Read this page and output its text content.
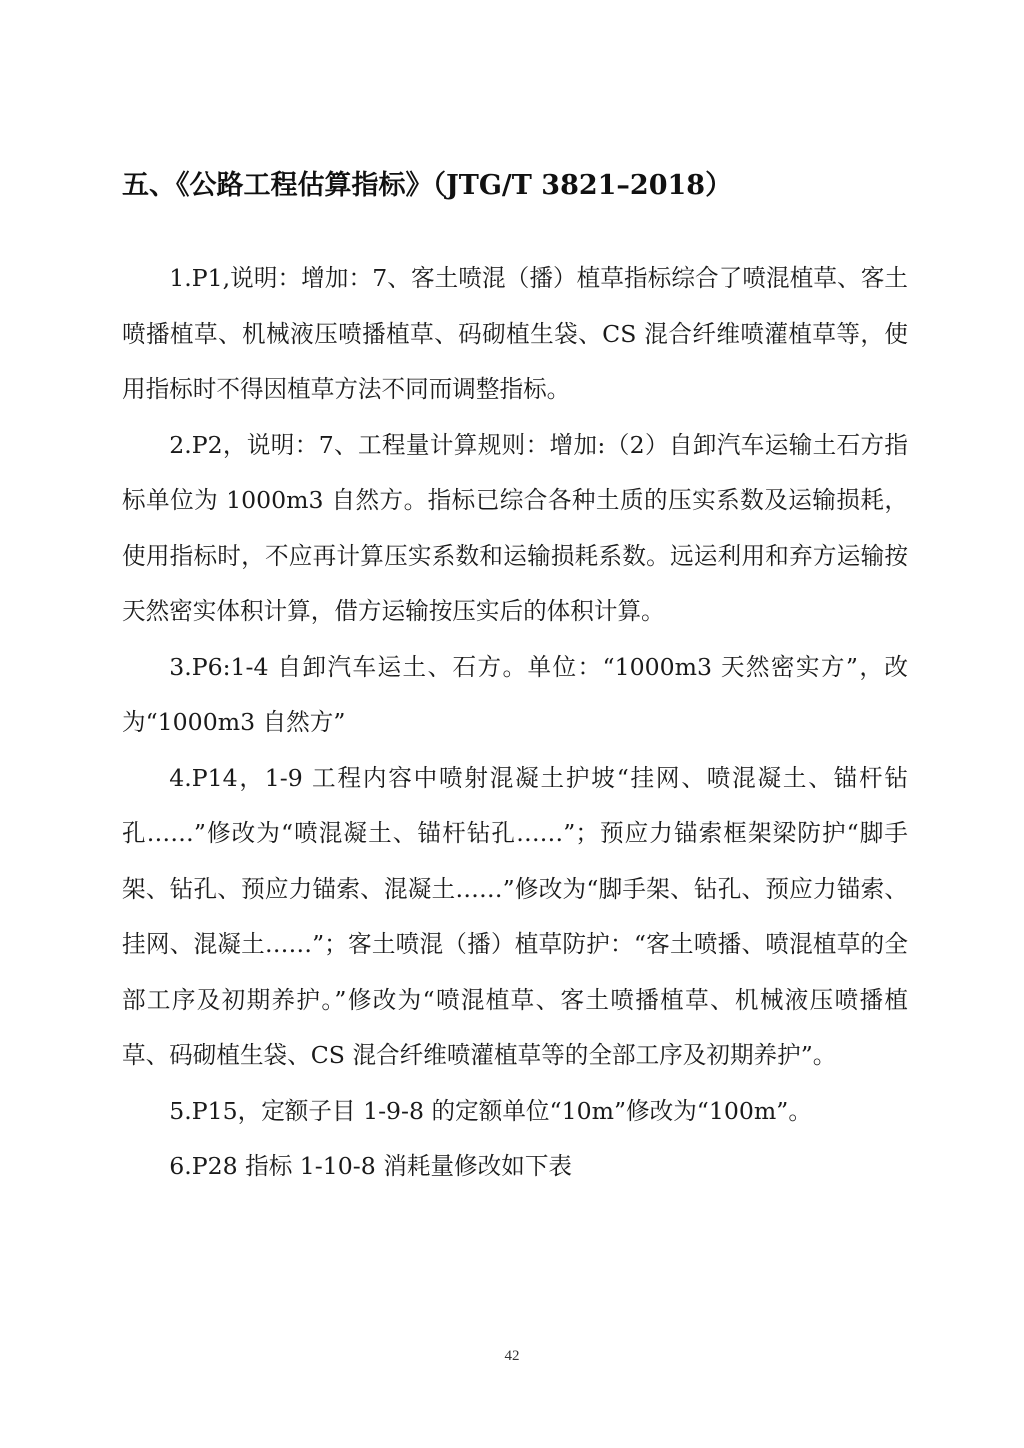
五、《公路工程估算指标》（JTG/T 3821–2018）

1.P1,说明：增加：7、客土喷混（播）植草指标综合了喷混植草、客土喷播植草、机械液压喷播植草、码砌植生袋、CS 混合纤维喷灌植草等，使用指标时不得因植草方法不同而调整指标。

2.P2，说明：7、工程量计算规则：增加:（2）自卸汽车运输土石方指标单位为 1000m3 自然方。指标已综合各种土质的压实系数及运输损耗，使用指标时，不应再计算压实系数和运输损耗系数。远运利用和弃方运输按天然密实体积计算，借方运输按压实后的体积计算。

3.P6:1-4 自卸汽车运土、石方。单位：“1000m3 天然密实方”，改为“1000m3 自然方”

4.P14，1-9 工程内容中喷射混凝土护坡“挂网、喷混凝土、锚杆钻孔……”修改为“喷混凝土、锚杆钻孔……”；预应力锚索框架梁防护“脚手架、钻孔、预应力锚索、混凝土……”修改为“脚手架、钻孔、预应力锚索、挂网、混凝土……”；客土喷混（播）植草防护：“客土喷播、喷混植草的全部工序及初期养护。”修改为“喷混植草、客土喷播植草、机械液压喷播植草、码砌植生袋、CS 混合纤维喷灌植草等的全部工序及初期养护”。

5.P15，定额子目 1-9-8 的定额单位“10m”修改为“100m”。

6.P28 指标 1-10-8 消耗量修改如下表

42
